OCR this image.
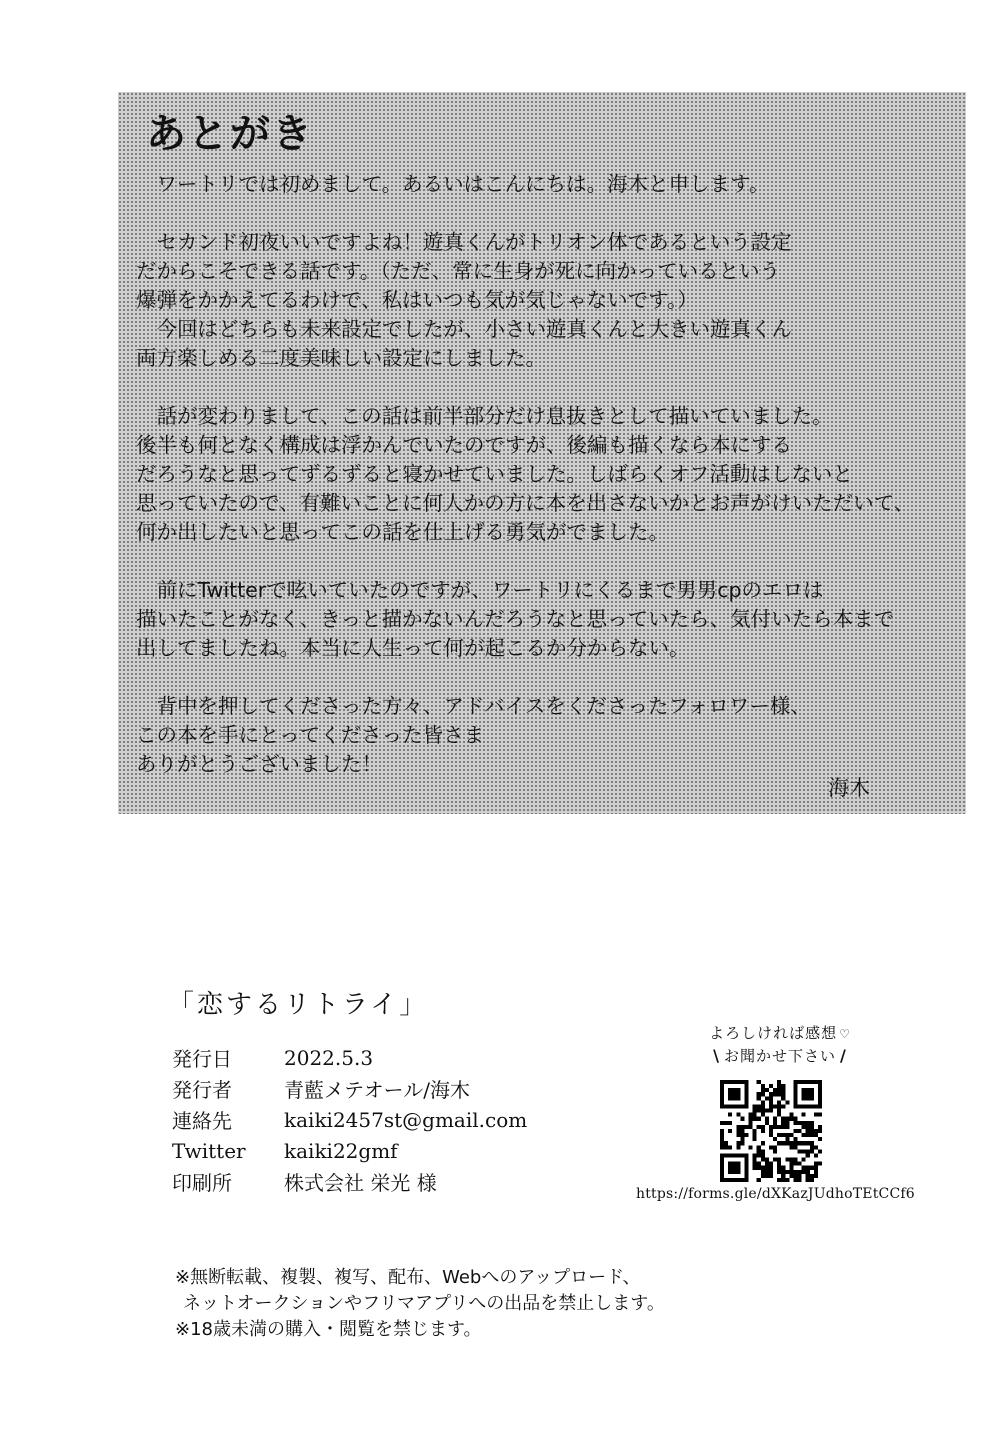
あとがき

　ワートリでは初めまして。あるいはこんにちは。海木と申します。

　セカンド初夜いいですよね！遊真くんがトリオン体であるという設定
だからこそできる話です。（ただ、常に生身が死に向かっているという
爆弾をかかえてるわけで、私はいつも気が気じゃないです。）
　今回はどちらも未来設定でしたが、小さい遊真くんと大きい遊真くん
両方楽しめる二度美味しい設定にしました。

　話が変わりまして、この話は前半部分だけ息抜きとして描いていました。
後半も何となく構成は浮かんでいたのですが、後編も描くなら本にする
だろうなと思ってずるずると寝かせていました。しばらくオフ活動はしないと
思っていたので、有難いことに何人かの方に本を出さないかとお声がけいただいて、
何か出したいと思ってこの話を仕上げる勇気がでました。

　前にTwitterで呟いていたのですが、ワートリにくるまで男男cpのエロは
描いたことがなく、きっと描かないんだろうなと思っていたら、気付いたら本まで
出してましたね。本当に人生って何が起こるか分からない。

　背中を押してくださった方々、アドバイスをくださったフォロワー様、
この本を手にとってくださった皆さま
ありがとうございました！

海木
「恋するリトライ」
発行日	2022.5.3
発行者	青藍メテオール/海木
連絡先	kaiki2457st@gmail.com
Twitter	kaiki22gmf
印刷所	株式会社 栄光 様
よろしければ感想 ♡
\ お聞かせ下さい /
https://forms.gle/dXKazJUdhoTEtCCf6
※無断転載、複製、複写、配布、Webへのアップロード、
ネットオークションやフリマアプリへの出品を禁止します。
※18歳未満の購入・閲覧を禁じます。
